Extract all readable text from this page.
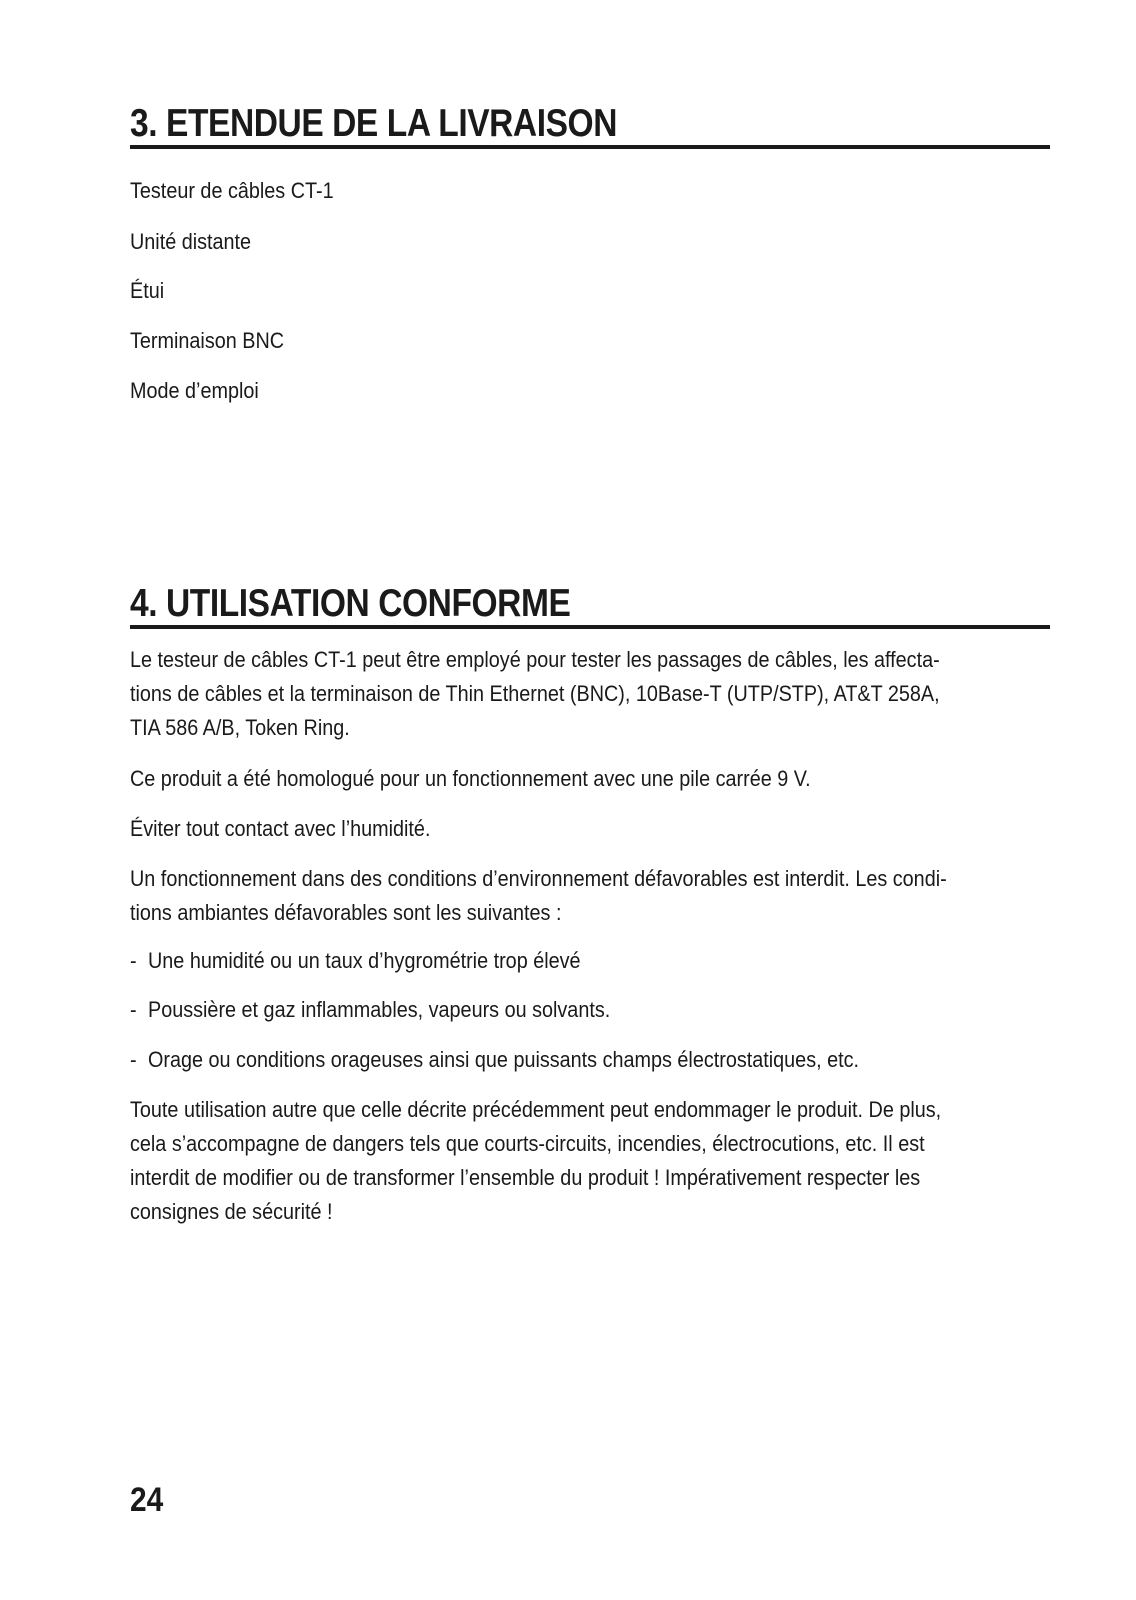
3. ETENDUE DE LA LIVRAISON

Testeur de câbles CT-1

Unité distante

Étui

Terminaison BNC

Mode d’emploi

4. UTILISATION CONFORME

Le testeur de câbles CT-1 peut être employé pour tester les passages de câbles, les affecta-

tions de câbles et la terminaison de Thin Ethernet (BNC), 10Base-T (UTP/STP), AT&T 258A,

TIA 586 A/B, Token Ring.

Ce produit a été homologué pour un fonctionnement avec une pile carrée 9 V.

Éviter tout contact avec l’humidité.

Un fonctionnement dans des conditions d’environnement défavorables est interdit. Les condi-

tions ambiantes défavorables sont les suivantes :

- Une humidité ou un taux d’hygrométrie trop élevé

- Poussière et gaz inflammables, vapeurs ou solvants.

- Orage ou conditions orageuses ainsi que puissants champs électrostatiques, etc.

Toute utilisation autre que celle décrite précédemment peut endommager le produit. De plus,

cela s’accompagne de dangers tels que courts-circuits, incendies, électrocutions, etc. Il est

interdit de modifier ou de transformer l’ensemble du produit ! Impérativement respecter les

consignes de sécurité !

24
